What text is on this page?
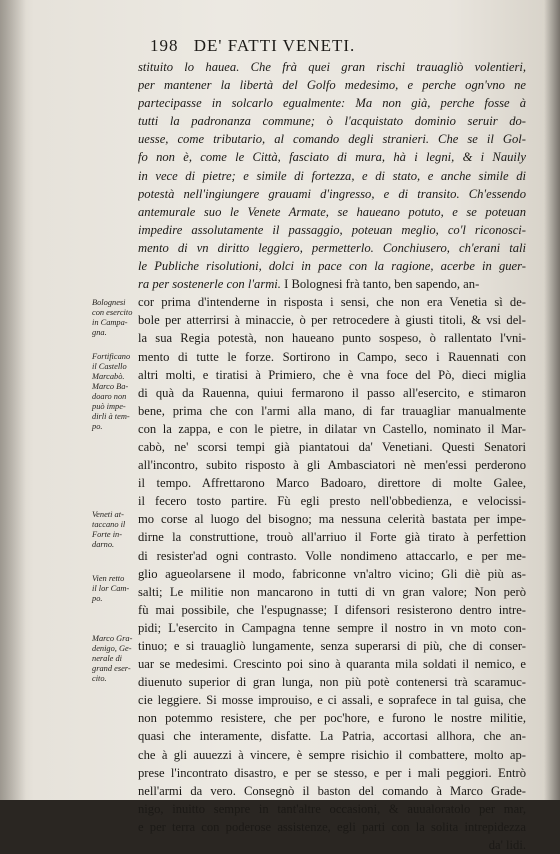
198 DE' FATTI VENETI.
stituito lo haueа. Che frà quei gran rischi trauagliò volentieri,
per mantener la libertà del Golfo medesimo, e perche ogn'vno ne
partecipasse in solcarlo egualmente: Ma non già, perche fosse à
tutti la padronanza commune; ò l'acquistato dominio seruir do-
uesse, come tributario, al comando degli stranieri. Che se il Gol-
fo non è, come le Città, fasciato di mura, hà i legni, & i Nauily
in vece di pietre; e simile di fortezza, e di stato, e anche simile di
potestà nell'ingiungere grauami d'ingresso, e di transito. Ch'essendo
antemurale suo le Venete Armate, se haueano potuto, e se poteuan
impedire assolutamente il passaggio, poteuan meglio, co'l riconosci-
mento di vn diritto leggiero, permetterlo. Conchiusero, ch'erani tali
le Publiche risolutioni, dolci in pace con la ragione, acerbe in guer-
ra per sostenerle con l'armi. I Bolognesi frà tanto, ben sapendo, an-
cor prima d'intenderne in risposta i sensi, che non era Venetia sì de-
bole per atterrirsi à minaccie, ò per retrocedere à giusti titoli, & vsi del-
la sua Regia potestà, non haueano punto sospeso, ò rallentato l'vni-
mento di tutte le forze. Sortirono in Campo, seco i Rauennati con
altri molti, e tiratisi à Primiero, che è vna foce del Pò, dieci miglia
di quà da Rauenna, quiui fermarono il passo all'esercito, e stimaron
bene, prima che con l'armi alla mano, di far trauagliar manualmente
con la zappa, e con le pietre, in dilatar vn Castello, nominato il Mar-
cabò, ne' scorsi tempi già piantatoui da' Venetiani. Questi Senatori
all'incontro, subito risposto à gli Ambasciatori nè men'essi perderono
il tempo. Affrettarono Marco Badoaro, direttore di molte Galee,
il fecero tosto partire. Fù egli presto nell'obbedienza, e velocissi-
mo corse al luogo del bisogno; ma nessuna celerità bastata per impe-
dirne la construttione, trouò all'arriuo il Forte già tirato à perfettion
di resister'ad ogni contrasto. Volle nondimeno attaccarlo, e per me-
glio agueolarsene il modo, fabriconne vn'altro vicino; Gli diè più as-
salti; Le militie non mancarono in tutti di vn gran valore; Non però
fù mai possibile, che l'espugnasse; I difensori resisterono dentro intre-
pidi; L'esercito in Campagna tenne sempre il nostro in vn moto con-
tinuo; e si trauagliò lungamente, senza superarsi di più, che di conser-
uar se medesimi. Crescinto poi sino à quaranta mila soldati il nemico, e
diuenuto superior di gran lunga, non più potè contenersi trà scaramuc-
cie leggiere. Si mosse improuiso, e ci assali, e soprafece in tal guisa, che
non potemmo resistere, che per poc'hore, e furono le nostre militie,
quasi che interamente, disfatte. La Patria, accortasi allhora, che an-
che à gli auuezzi à vincere, è sempre risichio il combattere, molto ap-
prese l'incontrato disastro, e per se stesso, e per i mali peggiori. Entrò
nell'armi da vero. Consegnò il baston del comando à Marco Grade-
nigo, inuitto sempre in tant'altre occasioni, & auualoratolo per mar,
e per terra con poderose assistenze, egli parti con la solita intrepidezza
da' lidi.
Bolognesi
con esercito
in Campa-
gna.
Fortificano
il Castello
Marcabò.
Marco Ba-
doaro non
può impe-
dirli à tem-
po.
Veneti at-
taccano il
Forte in-
darno.
Vien retto
il lor Cam-
po.
Marco Gra-
denigo, Ge-
nerale di
grand eser-
cito.
